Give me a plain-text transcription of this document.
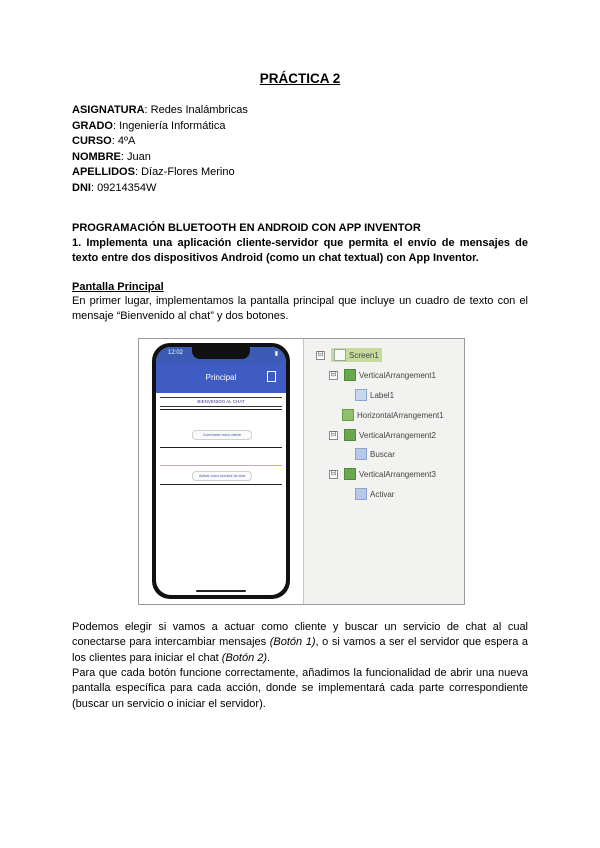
PRÁCTICA 2
ASIGNATURA: Redes Inalámbricas
GRADO: Ingeniería Informática
CURSO: 4ºA
NOMBRE: Juan
APELLIDOS: Díaz-Flores Merino
DNI: 09214354W
PROGRAMACIÓN BLUETOOTH EN ANDROID CON APP INVENTOR
1. Implementa una aplicación cliente-servidor que permita el envío de mensajes de texto entre dos dispositivos Android (como un chat textual) con App Inventor.
Pantalla Principal
En primer lugar, implementamos la pantalla principal que incluye un cuadro de texto con el mensaje “Bienvenido al chat” y dos botones.
12:02	▮
Principal
BIENVENIDO AL CHAT
Conectarse como cliente
Activar como servidor de chat
⊟	Screen1
⊟	VerticalArrangement1
Label1
HorizontalArrangement1
⊟	VerticalArrangement2
Buscar
⊟	VerticalArrangement3
Activar
Podemos elegir si vamos a actuar como cliente y buscar un servicio de chat al cual conectarse para intercambiar mensajes (Botón 1), o si vamos a ser el servidor que espera a los clientes para iniciar el chat (Botón 2).
Para que cada botón funcione correctamente, añadimos la funcionalidad de abrir una nueva pantalla específica para cada acción, donde se implementará cada parte correspondiente (buscar un servicio o iniciar el servidor).
